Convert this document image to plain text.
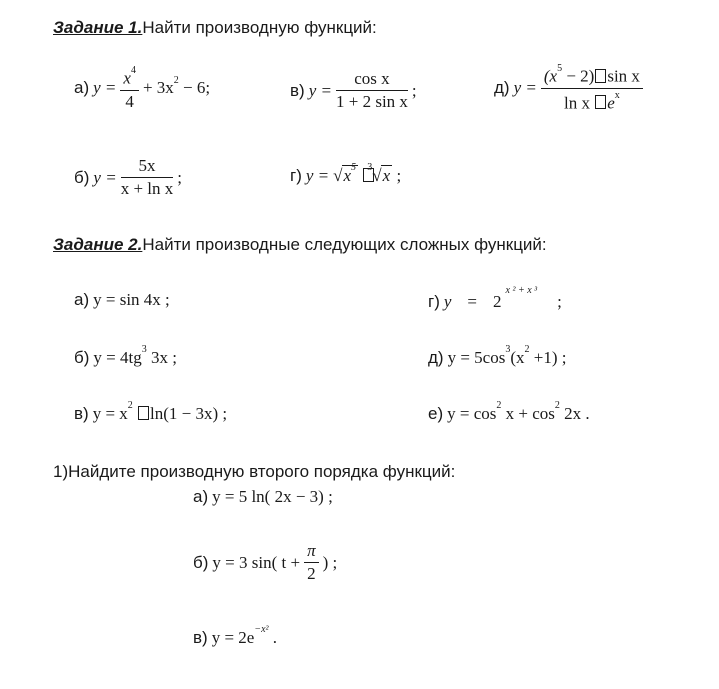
Задание 1.Найти производную функций:
а) $y = \frac{x^4}{4} + 3x^2 - 6$;	в) $y = \frac{\text{cos x}}{\text{1 + 2 sin x}}$ ;	д) $y = \frac{(x^5 - 2) \sin x}{\ln x e^x}$
б) $y = \frac{5x}{\text{x + ln x}}$ ;	г) $y = √x^5$ $^3$√x ;
Задание 2.Найти производные следующих сложных функций:
а) y = sin 4x ;	г) y = 2 $^{x ^2 + x ^3}$ ;
б) $y = 4tg^3$ 3x ;	д) $y = 5\cos^3(x^2 +1)$ ;
в) $y = x^2$ ln(1 − 3x) ;	е) $y = \cos^2 x + \cos^2 2x$ .
1)Найдите производную второго порядка функций:
а) y = 5 ln( 2x − 3) ;
б) y = 3 sin( $t + \frac{\pi}{2}$ ) ;
в) $y = 2e^{-x^2}$ .
